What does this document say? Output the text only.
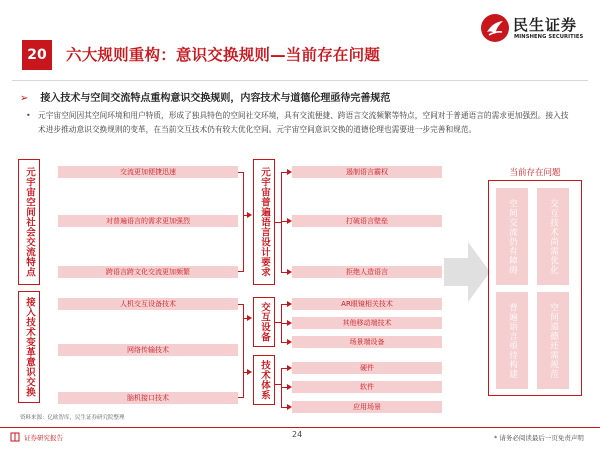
20	六大规则重构：意识交换规则—当前存在问题
民生证券
MINSHENG SECURITIES
➢ 接入技术与空间交流特点重构意识交换规则，内容技术与道德伦理亟待完善规范
• 元宇宙空间因其空间环境和用户特质，形成了独具特色的空间社交环境，具有交流便捷、跨语言交流频繁等特点，空间对于普通语言的需求更加强烈。接入技术进步推动意识交换规则的变革，在当前交互技术仍有较大优化空间。元宇宙空间意识交换的道德伦理也需要进一步完善和规范。
元宇宙空间社会交流特点
接入技术变革意识交换
交流更加便捷迅速
对普遍语言的需求更加强烈
跨语言跨文化交流更加频繁
人机交互设备技术
网络传输技术
脑机接口技术
元宇宙普遍语言设计要求
交互设备
技术体系
遏制语言霸权
打破语言壁垒
拒绝人造语言
AR眼镜相关技术
其他移动端技术
场景端设备
硬件
软件
应用场景
当前存在问题
空间交流仍有障碍	交互技术尚需优化
普遍语言亟待构建	空间道德还需规范
资料来源：亿欧智库，民生证券研究院整理
证券研究报告	24	* 请务必阅读最后一页免责声明
